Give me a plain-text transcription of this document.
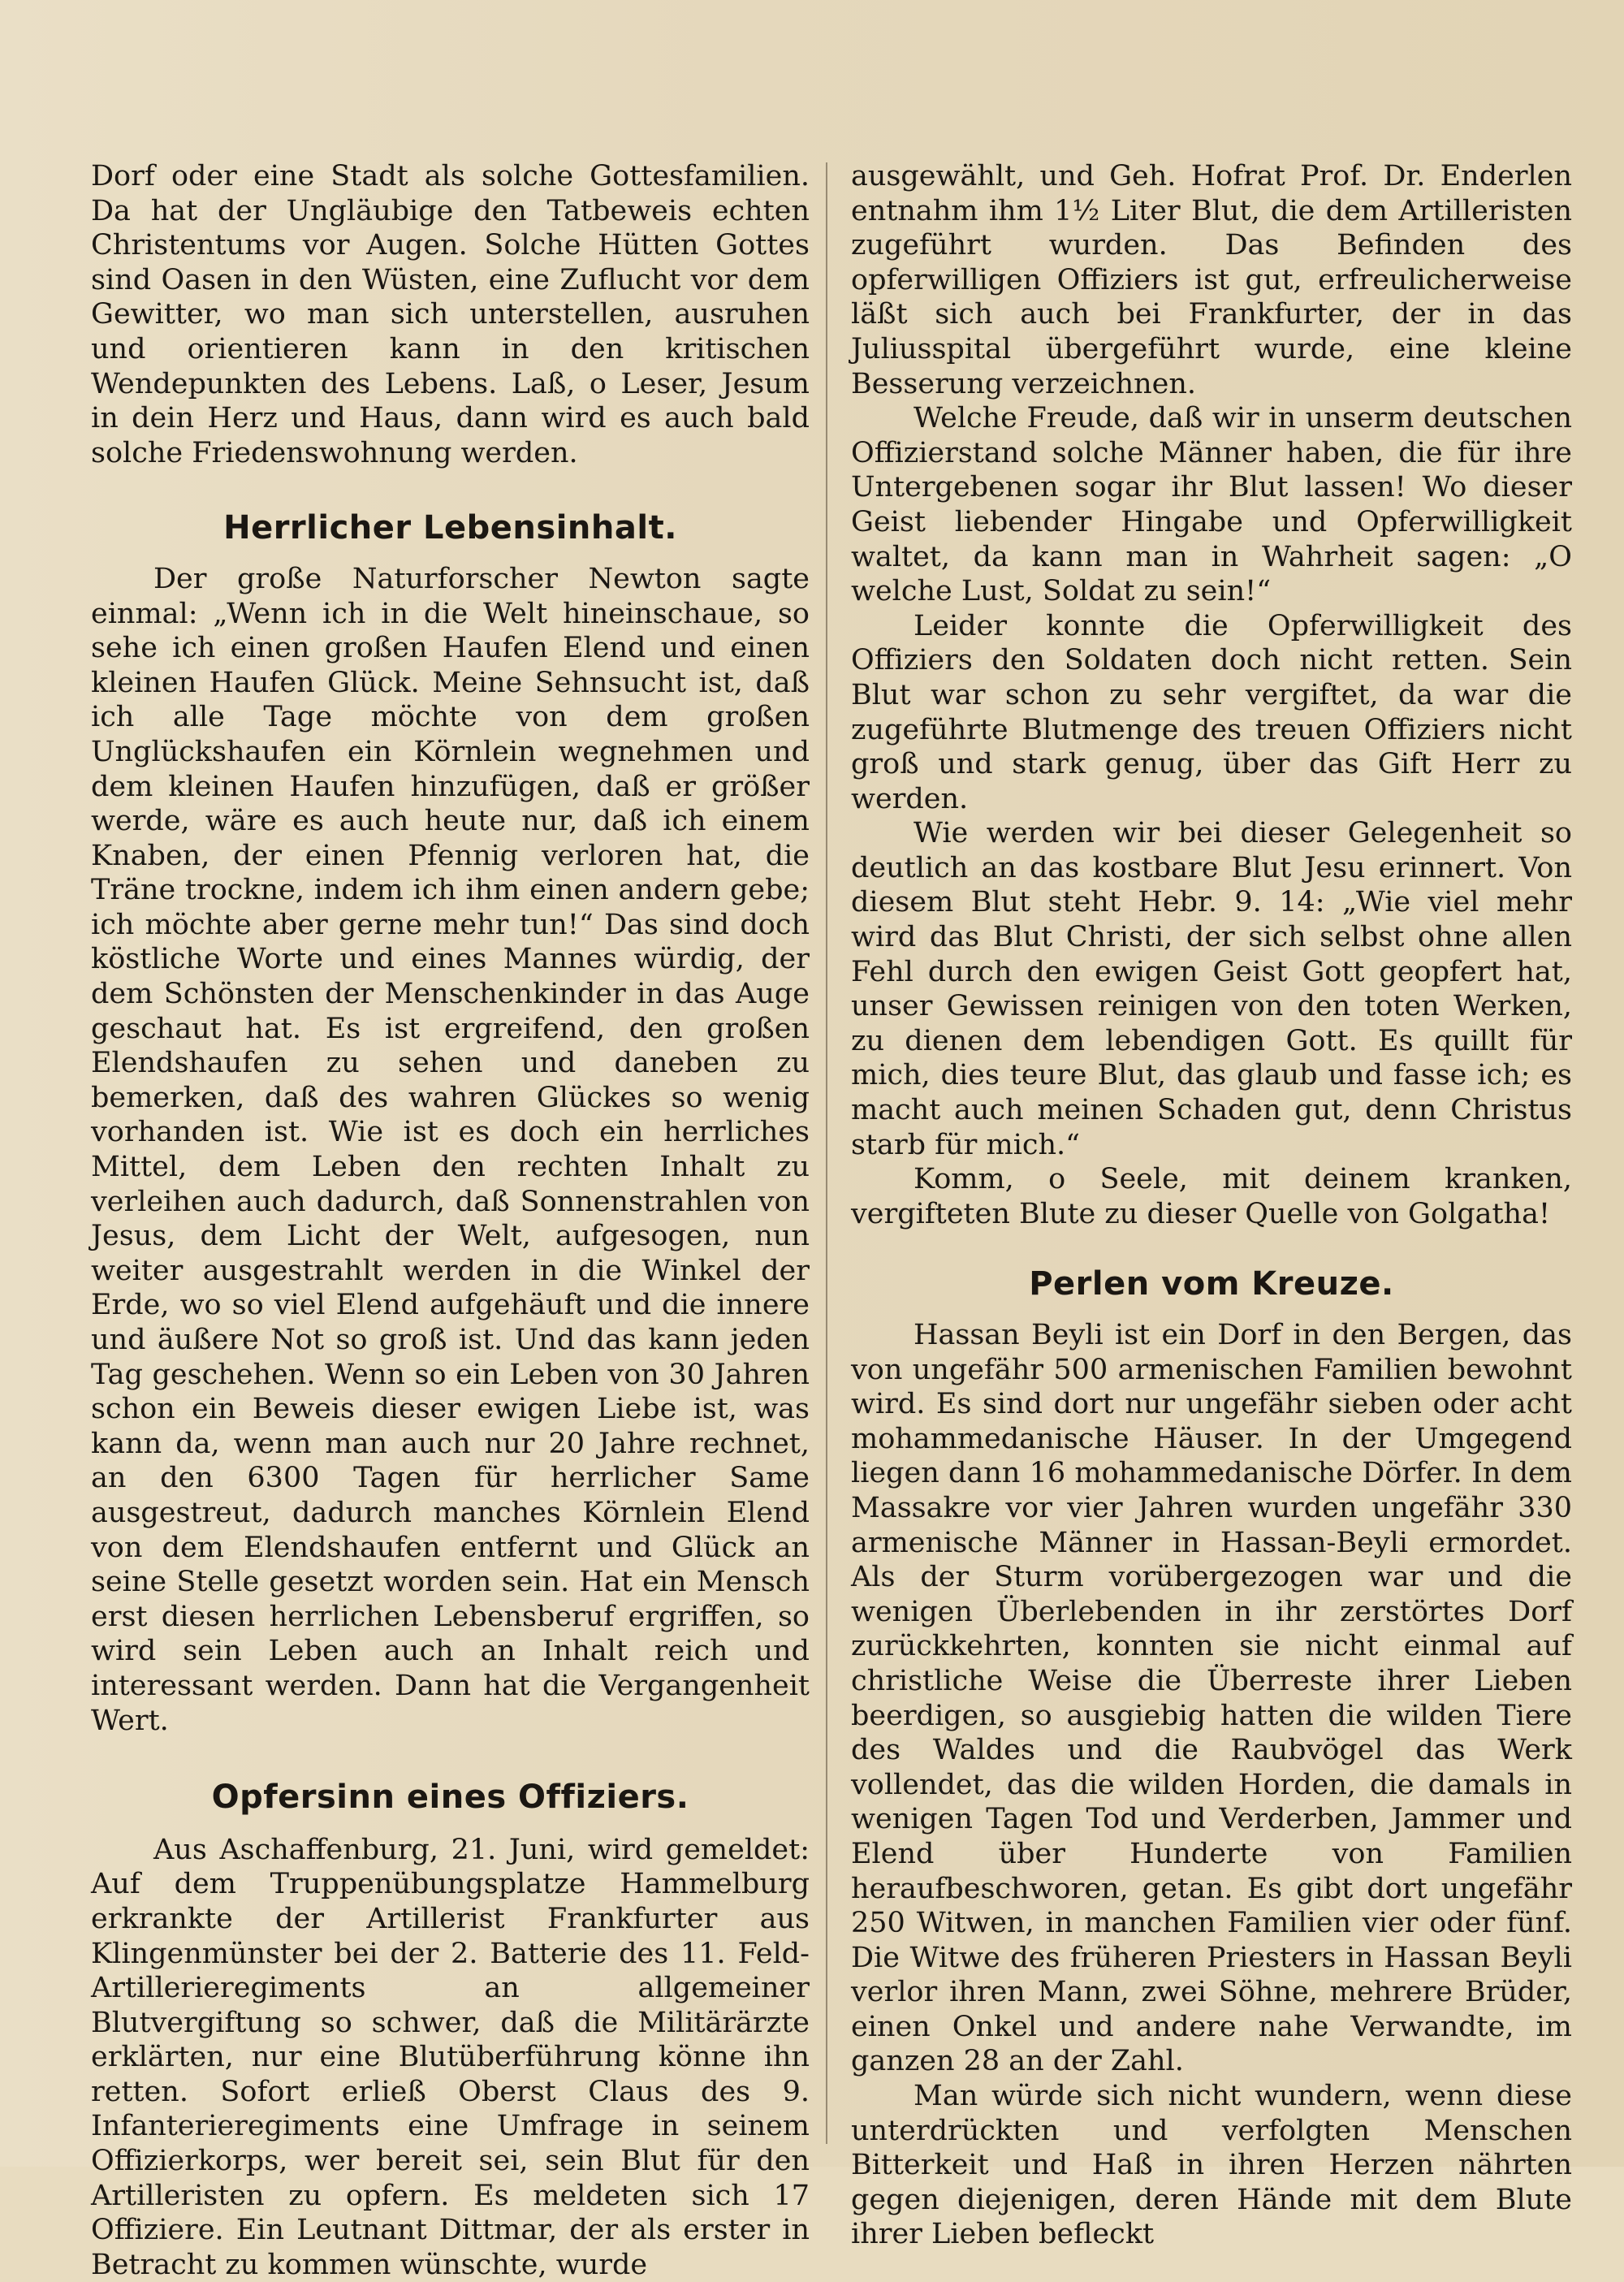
Dorf oder eine Stadt als solche Gottesfamilien. Da hat der Ungläubige den Tatbeweis echten Christentums vor Augen. Solche Hütten Gottes sind Oasen in den Wüsten, eine Zuflucht vor dem Gewitter, wo man sich unterstellen, ausruhen und orientieren kann in den kritischen Wendepunkten des Lebens. Laß, o Leser, Jesum in dein Herz und Haus, dann wird es auch bald solche Friedenswohnung werden.

Herrlicher Lebensinhalt.

Der große Naturforscher Newton sagte einmal: „Wenn ich in die Welt hineinschaue, so sehe ich einen großen Haufen Elend und einen kleinen Haufen Glück. Meine Sehnsucht ist, daß ich alle Tage möchte von dem großen Unglückshaufen ein Körnlein wegnehmen und dem kleinen Haufen hinzufügen, daß er größer werde, wäre es auch heute nur, daß ich einem Knaben, der einen Pfennig verloren hat, die Träne trockne, indem ich ihm einen andern gebe; ich möchte aber gerne mehr tun!“ Das sind doch köstliche Worte und eines Mannes würdig, der dem Schönsten der Menschenkinder in das Auge geschaut hat. Es ist ergreifend, den großen Elendshaufen zu sehen und daneben zu bemerken, daß des wahren Glückes so wenig vorhanden ist. Wie ist es doch ein herrliches Mittel, dem Leben den rechten Inhalt zu verleihen auch dadurch, daß Sonnenstrahlen von Jesus, dem Licht der Welt, aufgesogen, nun weiter ausgestrahlt werden in die Winkel der Erde, wo so viel Elend aufgehäuft und die innere und äußere Not so groß ist. Und das kann jeden Tag geschehen. Wenn so ein Leben von 30 Jahren schon ein Beweis dieser ewigen Liebe ist, was kann da, wenn man auch nur 20 Jahre rechnet, an den 6300 Tagen für herrlicher Same ausgestreut, dadurch manches Körnlein Elend von dem Elendshaufen entfernt und Glück an seine Stelle gesetzt worden sein. Hat ein Mensch erst diesen herrlichen Lebensberuf ergriffen, so wird sein Leben auch an Inhalt reich und interessant werden. Dann hat die Vergangenheit Wert.

Opfersinn eines Offiziers.

Aus Aschaffenburg, 21. Juni, wird gemeldet: Auf dem Truppenübungsplatze Hammelburg erkrankte der Artillerist Frankfurter aus Klingenmünster bei der 2. Batterie des 11. Feld-Artillerieregiments an allgemeiner Blutvergiftung so schwer, daß die Militärärzte erklärten, nur eine Blutüberführung könne ihn retten. Sofort erließ Oberst Claus des 9. Infanterieregiments eine Umfrage in seinem Offizierkorps, wer bereit sei, sein Blut für den Artilleristen zu opfern. Es meldeten sich 17 Offiziere. Ein Leutnant Dittmar, der als erster in Betracht zu kommen wünschte, wurde

ausgewählt, und Geh. Hofrat Prof. Dr. Enderlen entnahm ihm 1½ Liter Blut, die dem Artilleristen zugeführt wurden. Das Befinden des opferwilligen Offiziers ist gut, erfreulicherweise läßt sich auch bei Frankfurter, der in das Juliusspital übergeführt wurde, eine kleine Besserung verzeichnen.

Welche Freude, daß wir in unserm deutschen Offizierstand solche Männer haben, die für ihre Untergebenen sogar ihr Blut lassen! Wo dieser Geist liebender Hingabe und Opferwilligkeit waltet, da kann man in Wahrheit sagen: „O welche Lust, Soldat zu sein!“

Leider konnte die Opferwilligkeit des Offiziers den Soldaten doch nicht retten. Sein Blut war schon zu sehr vergiftet, da war die zugeführte Blutmenge des treuen Offiziers nicht groß und stark genug, über das Gift Herr zu werden.

Wie werden wir bei dieser Gelegenheit so deutlich an das kostbare Blut Jesu erinnert. Von diesem Blut steht Hebr. 9. 14: „Wie viel mehr wird das Blut Christi, der sich selbst ohne allen Fehl durch den ewigen Geist Gott geopfert hat, unser Gewissen reinigen von den toten Werken, zu dienen dem lebendigen Gott. Es quillt für mich, dies teure Blut, das glaub und fasse ich; es macht auch meinen Schaden gut, denn Christus starb für mich.“

Komm, o Seele, mit deinem kranken, vergifteten Blute zu dieser Quelle von Golgatha!

Perlen vom Kreuze.

Hassan Beyli ist ein Dorf in den Bergen, das von ungefähr 500 armenischen Familien bewohnt wird. Es sind dort nur ungefähr sieben oder acht mohammedanische Häuser. In der Umgegend liegen dann 16 mohammedanische Dörfer. In dem Massakre vor vier Jahren wurden ungefähr 330 armenische Männer in Hassan-Beyli ermordet. Als der Sturm vorübergezogen war und die wenigen Überlebenden in ihr zerstörtes Dorf zurückkehrten, konnten sie nicht einmal auf christliche Weise die Überreste ihrer Lieben beerdigen, so ausgiebig hatten die wilden Tiere des Waldes und die Raubvögel das Werk vollendet, das die wilden Horden, die damals in wenigen Tagen Tod und Verderben, Jammer und Elend über Hunderte von Familien heraufbeschworen, getan. Es gibt dort ungefähr 250 Witwen, in manchen Familien vier oder fünf. Die Witwe des früheren Priesters in Hassan Beyli verlor ihren Mann, zwei Söhne, mehrere Brüder, einen Onkel und andere nahe Verwandte, im ganzen 28 an der Zahl.

Man würde sich nicht wundern, wenn diese unterdrückten und verfolgten Menschen Bitterkeit und Haß in ihren Herzen nährten gegen diejenigen, deren Hände mit dem Blute ihrer Lieben befleckt
